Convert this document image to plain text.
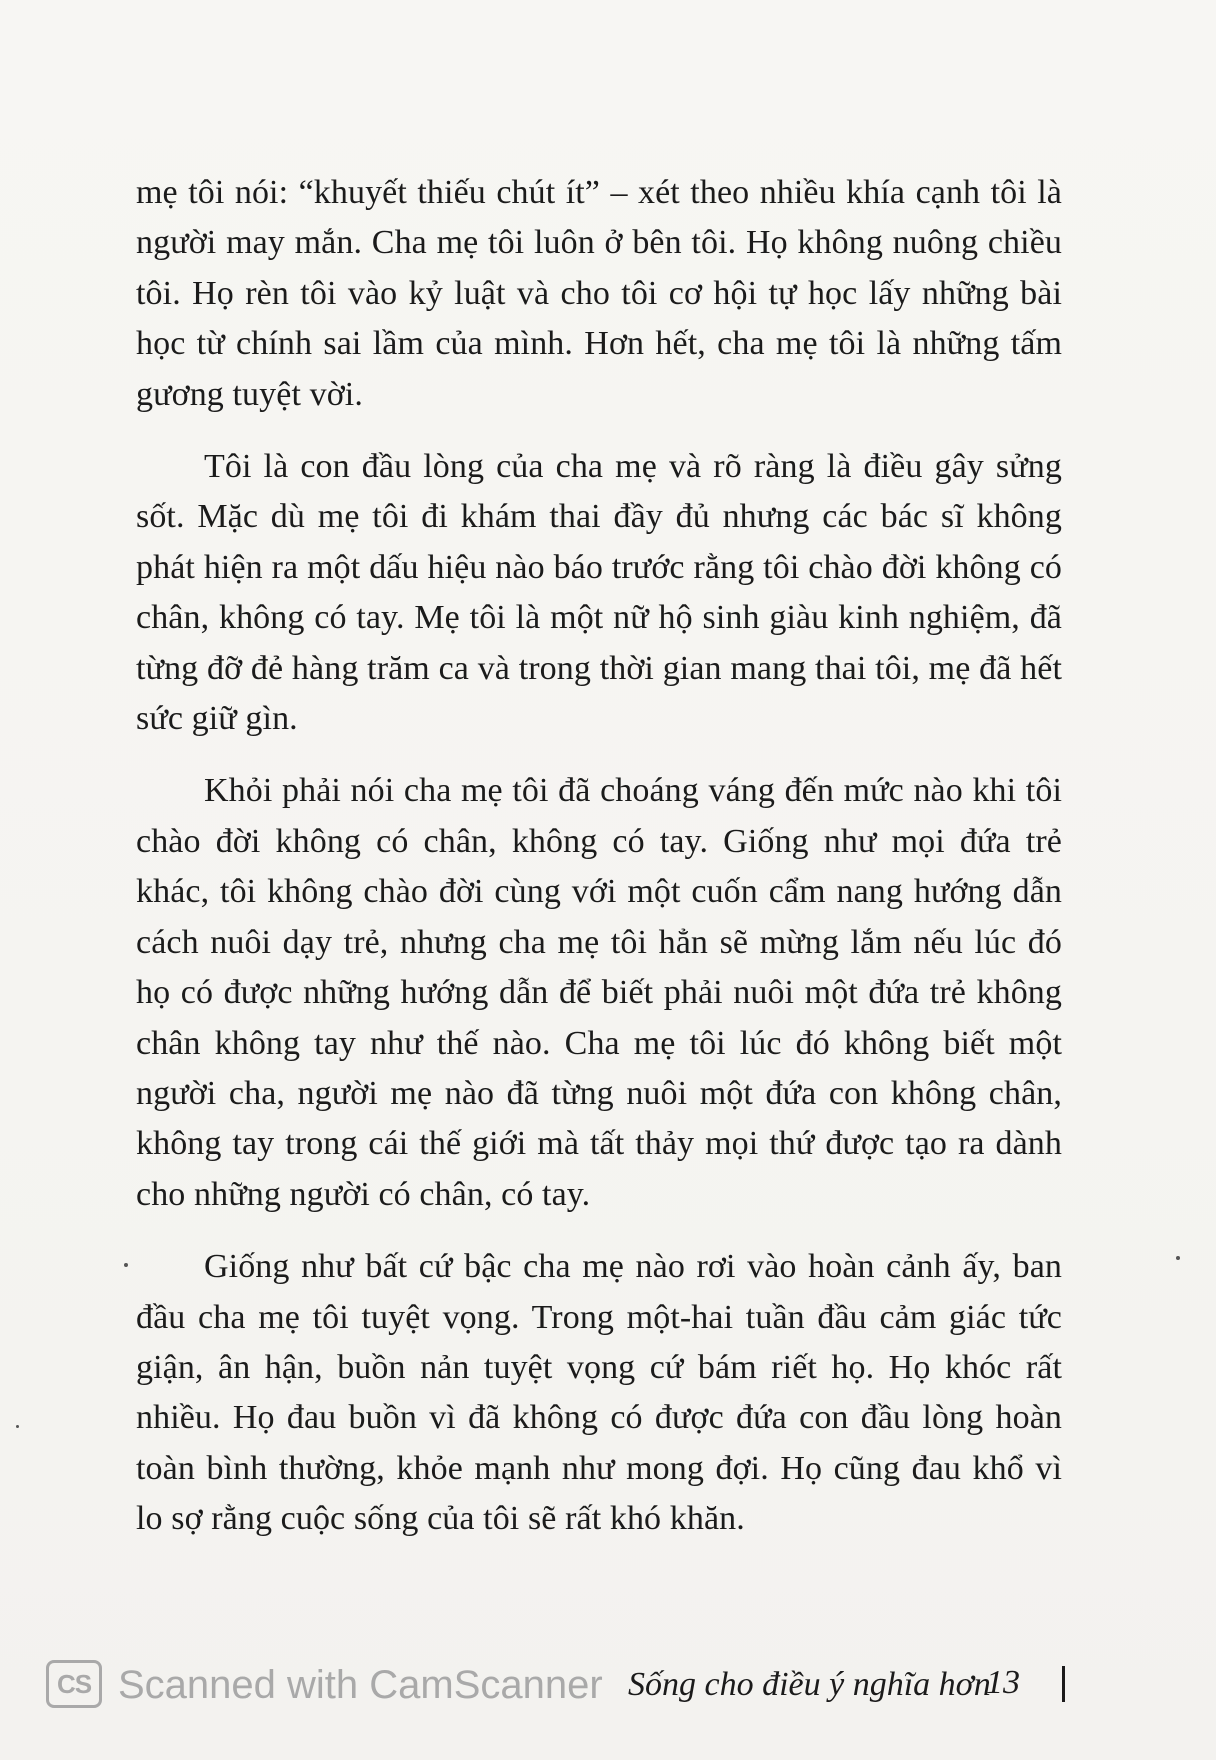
mẹ tôi nói: “khuyết thiếu chút ít” – xét theo nhiều khía cạnh tôi là người may mắn. Cha mẹ tôi luôn ở bên tôi. Họ không nuông chiều tôi. Họ rèn tôi vào kỷ luật và cho tôi cơ hội tự học lấy những bài học từ chính sai lầm của mình. Hơn hết, cha mẹ tôi là những tấm gương tuyệt vời.

Tôi là con đầu lòng của cha mẹ và rõ ràng là điều gây sửng sốt. Mặc dù mẹ tôi đi khám thai đầy đủ nhưng các bác sĩ không phát hiện ra một dấu hiệu nào báo trước rằng tôi chào đời không có chân, không có tay. Mẹ tôi là một nữ hộ sinh giàu kinh nghiệm, đã từng đỡ đẻ hàng trăm ca và trong thời gian mang thai tôi, mẹ đã hết sức giữ gìn.

Khỏi phải nói cha mẹ tôi đã choáng váng đến mức nào khi tôi chào đời không có chân, không có tay. Giống như mọi đứa trẻ khác, tôi không chào đời cùng với một cuốn cẩm nang hướng dẫn cách nuôi dạy trẻ, nhưng cha mẹ tôi hẳn sẽ mừng lắm nếu lúc đó họ có được những hướng dẫn để biết phải nuôi một đứa trẻ không chân không tay như thế nào. Cha mẹ tôi lúc đó không biết một người cha, người mẹ nào đã từng nuôi một đứa con không chân, không tay trong cái thế giới mà tất thảy mọi thứ được tạo ra dành cho những người có chân, có tay.

Giống như bất cứ bậc cha mẹ nào rơi vào hoàn cảnh ấy, ban đầu cha mẹ tôi tuyệt vọng. Trong một-hai tuần đầu cảm giác tức giận, ân hận, buồn nản tuyệt vọng cứ bám riết họ. Họ khóc rất nhiều. Họ đau buồn vì đã không có được đứa con đầu lòng hoàn toàn bình thường, khỏe mạnh như mong đợi. Họ cũng đau khổ vì lo sợ rằng cuộc sống của tôi sẽ rất khó khăn.

CS Scanned with CamScanner Sống cho điều ý nghĩa hơn
13
